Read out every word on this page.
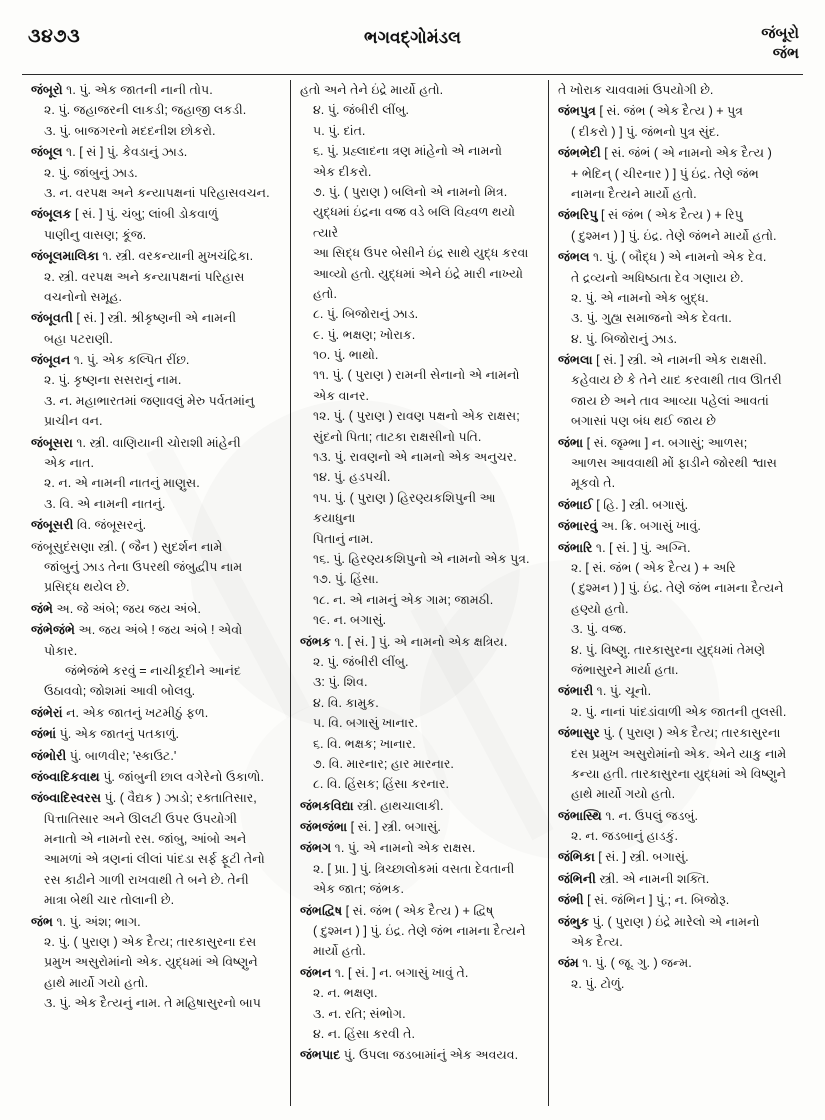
૩૪૭૩	ભગવદ્ગોમંડલ	જંબૂરો
જંભ

જંબૂરો ૧. પું. એક જાતની નાની તોપ.

૨. પું. જહાજરની લાકડી; જહાજી લકડી.

૩. પું. બાજગરનો મદદનીશ છોકરો.

જંબૂલ ૧. [ સં ] પું. કેવડાનું ઝાડ.

૨. પું. જાંબુનું ઝાડ.

૩. ન. વરપક્ષ અને કન્યાપક્ષનાં પરિહાસવચન.

જંબૂલક [ સં. ] પું. ચંબુ; લાંબી ડોકવાળું

પાણીનુ વાસણ; કૂંજ.

જંબૂલમાલિકા ૧. સ્ત્રી. વરકન્યાની મુખચંદ્રિકા.

૨. સ્ત્રી. વરપક્ષ અને કન્યાપક્ષનાં પરિહાસ

વચનોનો સમૂહ.

જંબૂવતી [ સં. ] સ્ત્રી. શ્રીકૃષ્ણની એ નામની

બહા પટરાણી.

જંબૂવન ૧. પું. એક કલ્પિત રીંછ.

૨. પું. કૃષ્ણના સસરાનું નામ.

૩. ન. મહાભારતમાં જણાવલું મેરુ પર્વતમાંનુ

પ્રાચીન વન.

જંબૂસરા ૧. સ્ત્રી. વાણિયાની ચોરાશી માંહેની

એક નાત.

૨. ન. એ નામની નાતનું માણુસ.

૩. વિ. એ નામની નાતનું.

જંબૂસરી વિ. જંબૂસરનું.

જંબૂસુદંસણા સ્ત્રી. ( જૈન ) સુદર્શન નામે

જાંબુનું ઝાડ તેના ઉપરથી જંબુદ્વીપ નામ

પ્રસિદ્ધ થયેલ છે.

જંભે અ. જે અંબે; જય જય અંબે.

જંભેજંભે અ. જય અંબે ! જય અંબે ! એવો

પોકાર.

જંભેજંભે કરવું = નાચીકૂદીને આનંદ

ઉઠાવવો; જોશમાં આવી બોલવુ.

જંભેરાં ન. એક જાતનું ખટમીઠું ફળ.

જંભાં પું. એક જાતનું પતકાળું.

જંભોરી પું. બાળવીર; 'સ્કાઉટ.'

જંબ્વાદિકવાથ પું. જાંબુની છાલ વગેરેનો ઉકાળો.

જંબ્વાદિસ્વરસ પું. ( વૈદ્યક ) ઝાડો; રક્તાતિસાર,

પિત્તાતિસાર અને ઊલટી ઉપર ઉપયોગી

મનાતો એ નામનો રસ. જાંબુ, આંબો અને

આમળાં એ ત્રણનાં લીલાં પાંદડા સર્ફ ફૂટી તેનો

રસ કાઢીને ગાળી રાખવાથી તે બને છે. તેની

માત્રા બેથી ચાર તોલાની છે.

જંભ ૧. પું. અંશ; ભાગ.

૨. પું. ( પુરાણ ) એક દૈત્ય; તારકાસુરના દસ

પ્રમુખ અસુરોમાંનો એક. યુદ્ધમાં એ વિષ્ણુને

હાથે માર્યો ગયો હતો.

૩. પું. એક દૈત્યનું નામ. તે મહિષાસુરનો બાપ

હતો અને તેને ઇંદ્રે માર્યો હતો.

૪. પું. જંબીરી લીંબુ.

૫. પું. દાંત.

૬. પું. પ્રહ્લાદના ત્રણ માંહેનો એ નામનો

એક દીકરો.

૭. પું. ( પુરાણ ) બલિનો એ નામનો મિત્ર.

યુદ્ધમાં ઇંદ્રના વજ્ર વડે બલિ વિહ્વળ થયો ત્યારે

આ સિદ્ધ ઉપર બેસીને ઇંદ્ર સાથે યુદ્ધ કરવા

આવ્યો હતો. યુદ્ધમાં એને ઇંદ્રે મારી નાખ્યો

હતો.

૮. પું. બિજોરાનું ઝાડ.

૯. પું. ભક્ષણ; ખોરાક.

૧૦. પું. ભાથો.

૧૧. પું. ( પુરાણ ) રામની સેનાનો એ નામનો

એક વાનર.

૧૨. પું. ( પુરાણ ) રાવણ પક્ષનો એક રાક્ષસ;

સુંદનો પિતા; તાટકા રાક્ષસીનો પતિ.

૧૩. પું. રાવણનો એ નામનો એક અનુચર.

૧૪. પું. હડપચી.

૧૫. પું. ( પુરાણ ) હિરણ્યકશિપુની આ કયાધુના

પિતાનું નામ.

૧૬. પું. હિરણ્યકશિપુનો એ નામનો એક પુત્ર.

૧૭. પું. હિંસા.

૧૮. ન. એ નામનું એક ગામ; જામઠી.

૧૯. ન. બગાસું.

જંભક ૧. [ સં. ] પું. એ નામનો એક ક્ષત્રિય.

૨. પું. જંબીરી લીંબુ.

૩: પું. શિવ.

૪. વિ. કામુક.

૫. વિ. બગાસું ખાનાર.

૬. વિ. ભક્ષક; ખાનાર.

૭. વિ. મારનાર; હાર મારનાર.

૮. વિ. હિંસક; હિંસા કરનાર.

જંભકવિદ્યા સ્ત્રી. હાથચાલાકી.

જંભજંભા [ સં. ] સ્ત્રી. બગાસું.

જંભગ ૧. પું. એ નામનો એક રાક્ષસ.

૨. [ પ્રા. ] પું. ત્રિચ્છાલોકમાં વસતા દેવતાની

એક જાત; જંભક.

જંભદ્વિષ [ સં. જંભ ( એક દૈત્ય ) + દ્વિષ્

( દુશ્મન ) ] પું. ઇંદ્ર. તેણે જંભ નામના દૈત્યને

માર્યો હતો.

જંભન ૧. [ સં. ] ન. બગાસું ખાવું તે.

૨. ન. ભક્ષણ.

૩. ન. રતિ; સંભોગ.

૪. ન. હિંસા કરવી તે.

જંભપાદ પું. ઉપલા જડબામાંનું એક અવયવ.

તે ખોરાક ચાવવામાં ઉપયોગી છે.

જંભપુત્ર [ સં. જંભ ( એક દૈત્ય ) + પુત્ર

( દીકરો ) ] પું. જંભનો પુત્ર સુંદ.

જંભભેદી [ સં. જંભં ( એ નામનો એક દૈત્ય )

+ ભેદિન્ ( ચીરનાર ) ] પું ઇંદ્ર. તેણે જંભ

નામના દૈત્યને માર્યો હતો.

જંભરિપુ [ સં જંભ ( એક દૈત્ય ) + રિપુ

( દુશ્મન ) ] પું. ઇંદ્ર. તેણે જંભને માર્યો હતો.

જંભલ ૧. પું. ( બૌદ્ધ ) એ નામનો એક દેવ.

તે દ્રવ્યનો અધિષ્ઠાતા દેવ ગણાય છે.

૨. પું. એ નામનો એક બુદ્ધ.

૩. પું. ગુહ્ય સમાજનો એક દેવતા.

૪. પું. બિજોરાનું ઝાડ.

જંભલા [ સં. ] સ્ત્રી. એ નામની એક રાક્ષસી.

કહેવાય છે કે તેને યાદ કરવાથી તાવ ઊતરી

જાય છે અને તાવ આવ્યા પહેલાં આવતાં

બગાસાં પણ બંધ થઈ જાય છે

જંભા [ સં. જૃમ્ભા ] ન. બગાસું; આળસ;

આળસ આવવાથી મોં ફાડીને જોરથી શ્વાસ

મૂકવો તે.

જંભાઈ [ હિ. ] સ્ત્રી. બગાસું.

જંભારવું અ. ક્રિ. બગાસું ખાવું.

જંભારિ ૧. [ સં. ] પું. અગ્નિ.

૨. [ સં. જંભ ( એક દૈત્ય ) + અરિ

( દુશ્મન ) ] પું. ઇંદ્ર. તેણે જંભ નામના દૈત્યને

હણ્યો હતો.

૩. પું. વજ્ર.

૪. પું. વિષ્ણુ. તારકાસુરના યુદ્ધમાં તેમણે

જંભાસુરને માર્યા હતા.

જંભારી ૧. પું. ચૂનો.

૨. પું. નાનાં પાંદડાંવાળી એક જાતની તુલસી.

જંભાસુર પું. ( પુરાણ ) એક દૈત્ય; તારકાસુરના

દસ પ્રમુખ અસુરોમાંનો એક. એને યાકુ નામે

કન્યા હતી. તારકાસુરના યુદ્ધમાં એ વિષ્ણુને

હાથે માર્યો ગયો હતો.

જંભાસ્થિ ૧. ન. ઉપલું જડબું.

૨. ન. જડબાનું હાડકું.

જંભિકા [ સં. ] સ્ત્રી. બગાસું.

જંભિની સ્ત્રી. એ નામની શક્તિ.

જંભી [ સં. જંભિન ] પું.; ન. બિજોરૂ.

જંભુક પું. ( પુરાણ ) ઇંદ્રે મારેલો એ નામનો

એક દૈત્ય.

જંમ ૧. પું. ( જૂ. ગુ. ) જન્મ.

૨. પું. ટોળું.
